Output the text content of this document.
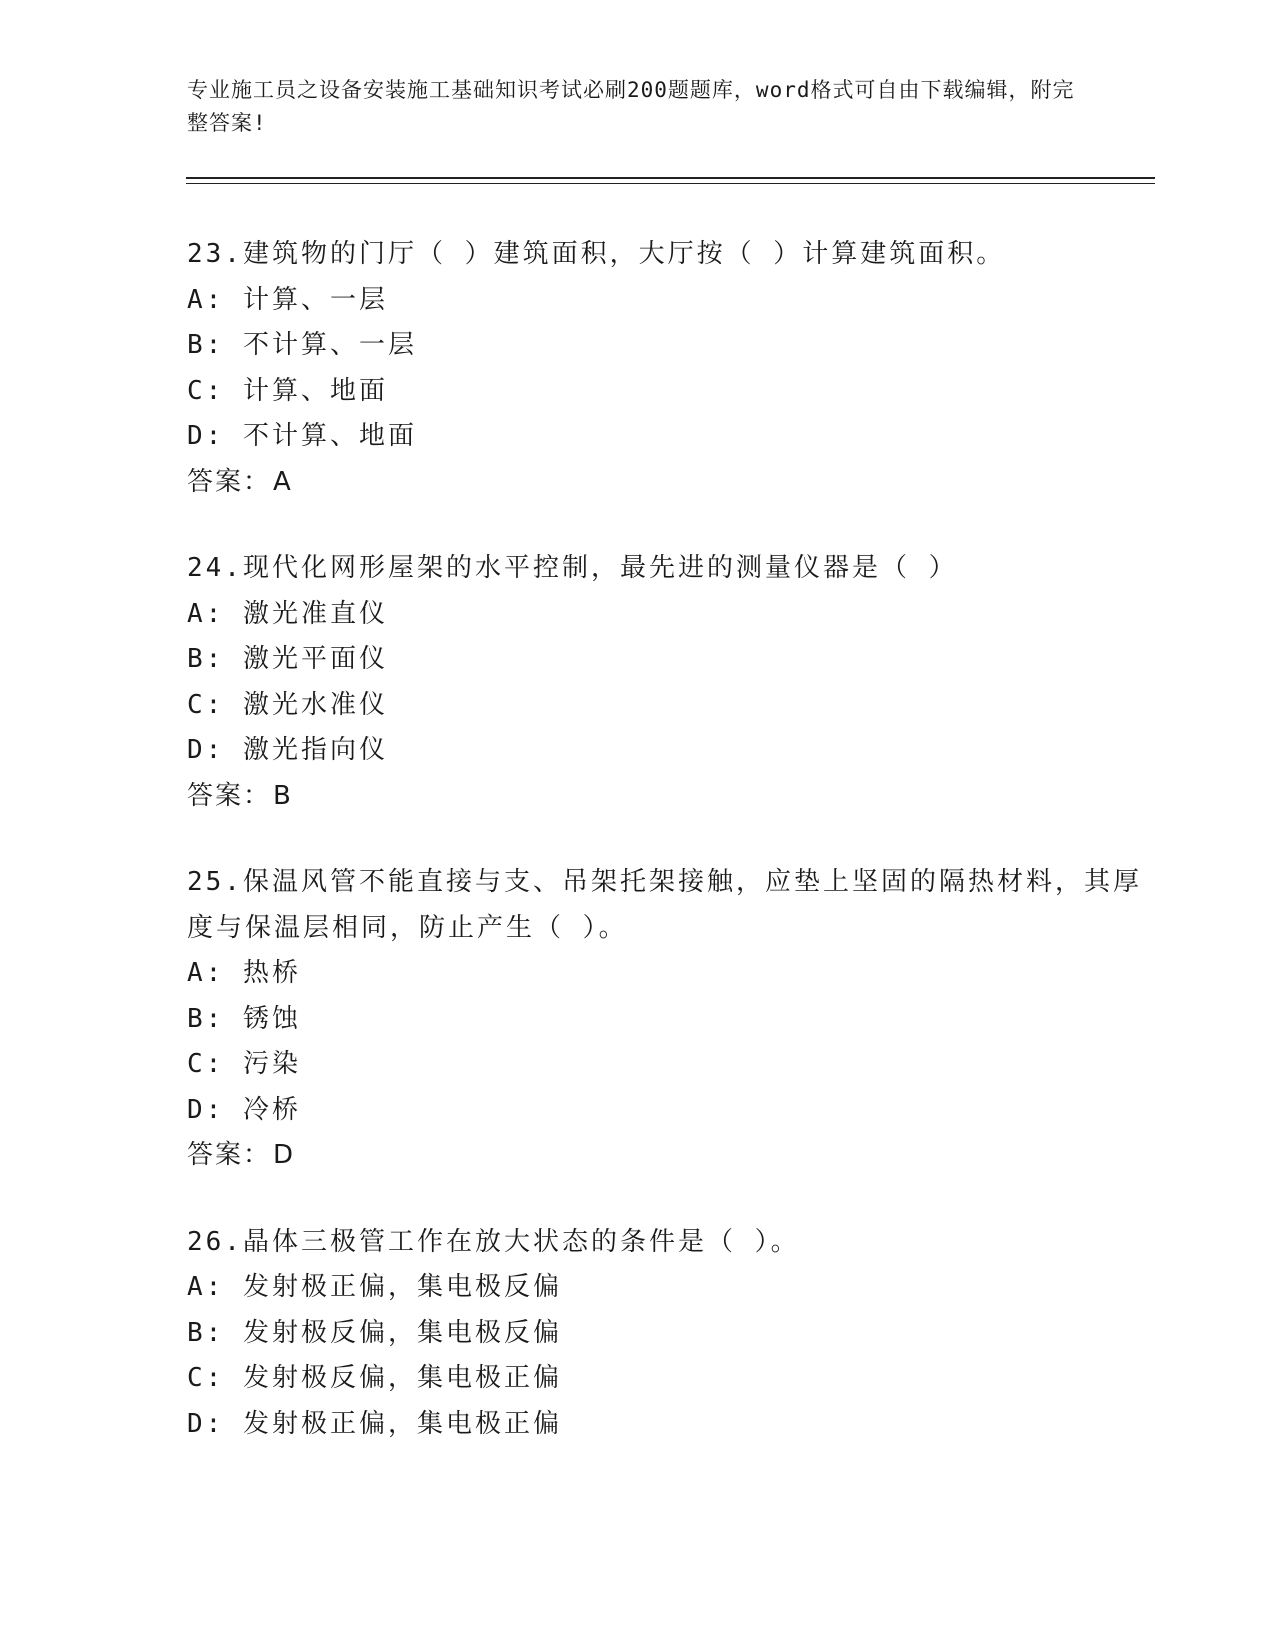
专业施工员之设备安装施工基础知识考试必刷200题题库，word格式可自由下载编辑，附完整答案!
23.建筑物的门厅（ ）建筑面积，大厅按（ ）计算建筑面积。
A: 计算、一层
B: 不计算、一层
C: 计算、地面
D: 不计算、地面
答案：A
24.现代化网形屋架的水平控制，最先进的测量仪器是（ ）
A: 激光准直仪
B: 激光平面仪
C: 激光水准仪
D: 激光指向仪
答案：B
25.保温风管不能直接与支、吊架托架接触，应垫上坚固的隔热材料，其厚度与保温层相同，防止产生（ ）。
A: 热桥
B: 锈蚀
C: 污染
D: 冷桥
答案：D
26.晶体三极管工作在放大状态的条件是（ ）。
A: 发射极正偏，集电极反偏
B: 发射极反偏，集电极反偏
C: 发射极反偏，集电极正偏
D: 发射极正偏，集电极正偏
